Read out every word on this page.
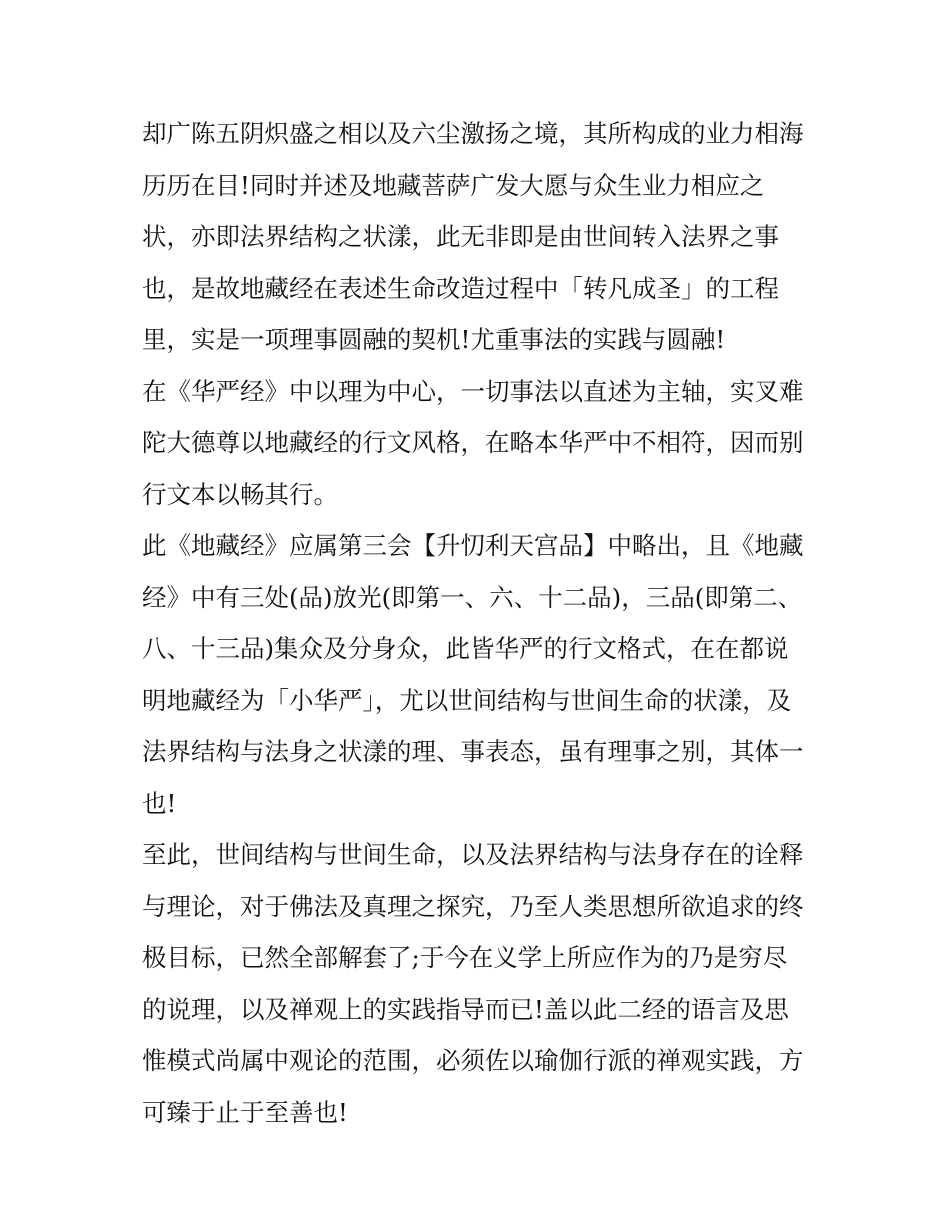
却广陈五阴炽盛之相以及六尘激扬之境，其所构成的业力相海
历历在目!同时并述及地藏菩萨广发大愿与众生业力相应之
状，亦即法界结构之状漾，此无非即是由世间转入法界之事
也，是故地藏经在表述生命改造过程中「转凡成圣」的工程
里，实是一项理事圆融的契机!尤重事法的实践与圆融!
在《华严经》中以理为中心，一切事法以直述为主轴，实叉难
陀大德尊以地藏经的行文风格，在略本华严中不相符，因而别
行文本以畅其行。
此《地藏经》应属第三会【升忉利天宫品】中略出，且《地藏
经》中有三处(品)放光(即第一、六、十二品)，三品(即第二、
八、十三品)集众及分身众，此皆华严的行文格式，在在都说
明地藏经为「小华严」，尤以世间结构与世间生命的状漾，及
法界结构与法身之状漾的理、事表态，虽有理事之别，其体一
也!
至此，世间结构与世间生命，以及法界结构与法身存在的诠释
与理论，对于佛法及真理之探究，乃至人类思想所欲追求的终
极目标，已然全部解套了;于今在义学上所应作为的乃是穷尽
的说理，以及禅观上的实践指导而已!盖以此二经的语言及思
惟模式尚属中观论的范围，必须佐以瑜伽行派的禅观实践，方
可臻于止于至善也!
